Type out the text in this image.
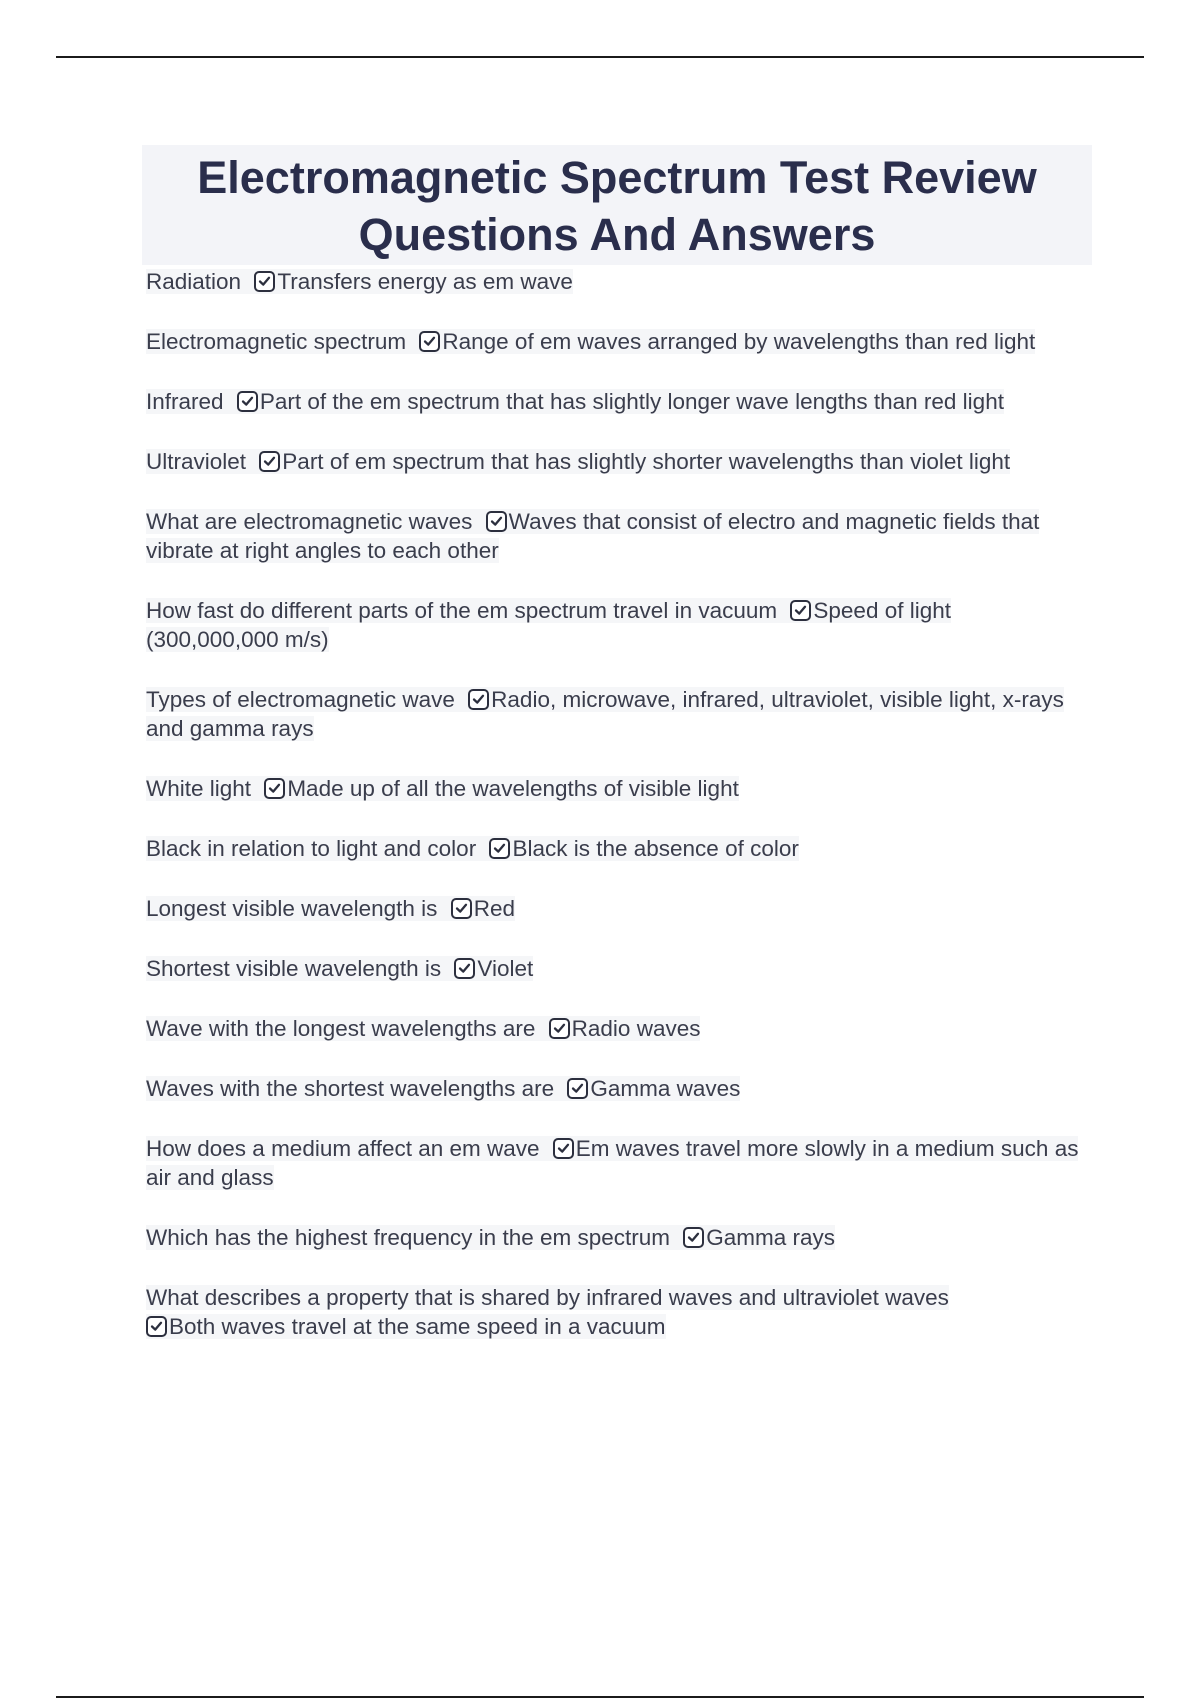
Electromagnetic Spectrum Test Review Questions And Answers
Radiation Transfers energy as em wave
Electromagnetic spectrum Range of em waves arranged by wavelengths than red light
Infrared Part of the em spectrum that has slightly longer wave lengths than red light
Ultraviolet Part of em spectrum that has slightly shorter wavelengths than violet light
What are electromagnetic waves Waves that consist of electro and magnetic fields that vibrate at right angles to each other
How fast do different parts of the em spectrum travel in vacuum Speed of light (300,000,000 m/s)
Types of electromagnetic wave Radio, microwave, infrared, ultraviolet, visible light, x-rays and gamma rays
White light Made up of all the wavelengths of visible light
Black in relation to light and color Black is the absence of color
Longest visible wavelength is Red
Shortest visible wavelength is Violet
Wave with the longest wavelengths are Radio waves
Waves with the shortest wavelengths are Gamma waves
How does a medium affect an em wave Em waves travel more slowly in a medium such as air and glass
Which has the highest frequency in the em spectrum Gamma rays
What describes a property that is shared by infrared waves and ultraviolet waves

Both waves travel at the same speed in a vacuum
